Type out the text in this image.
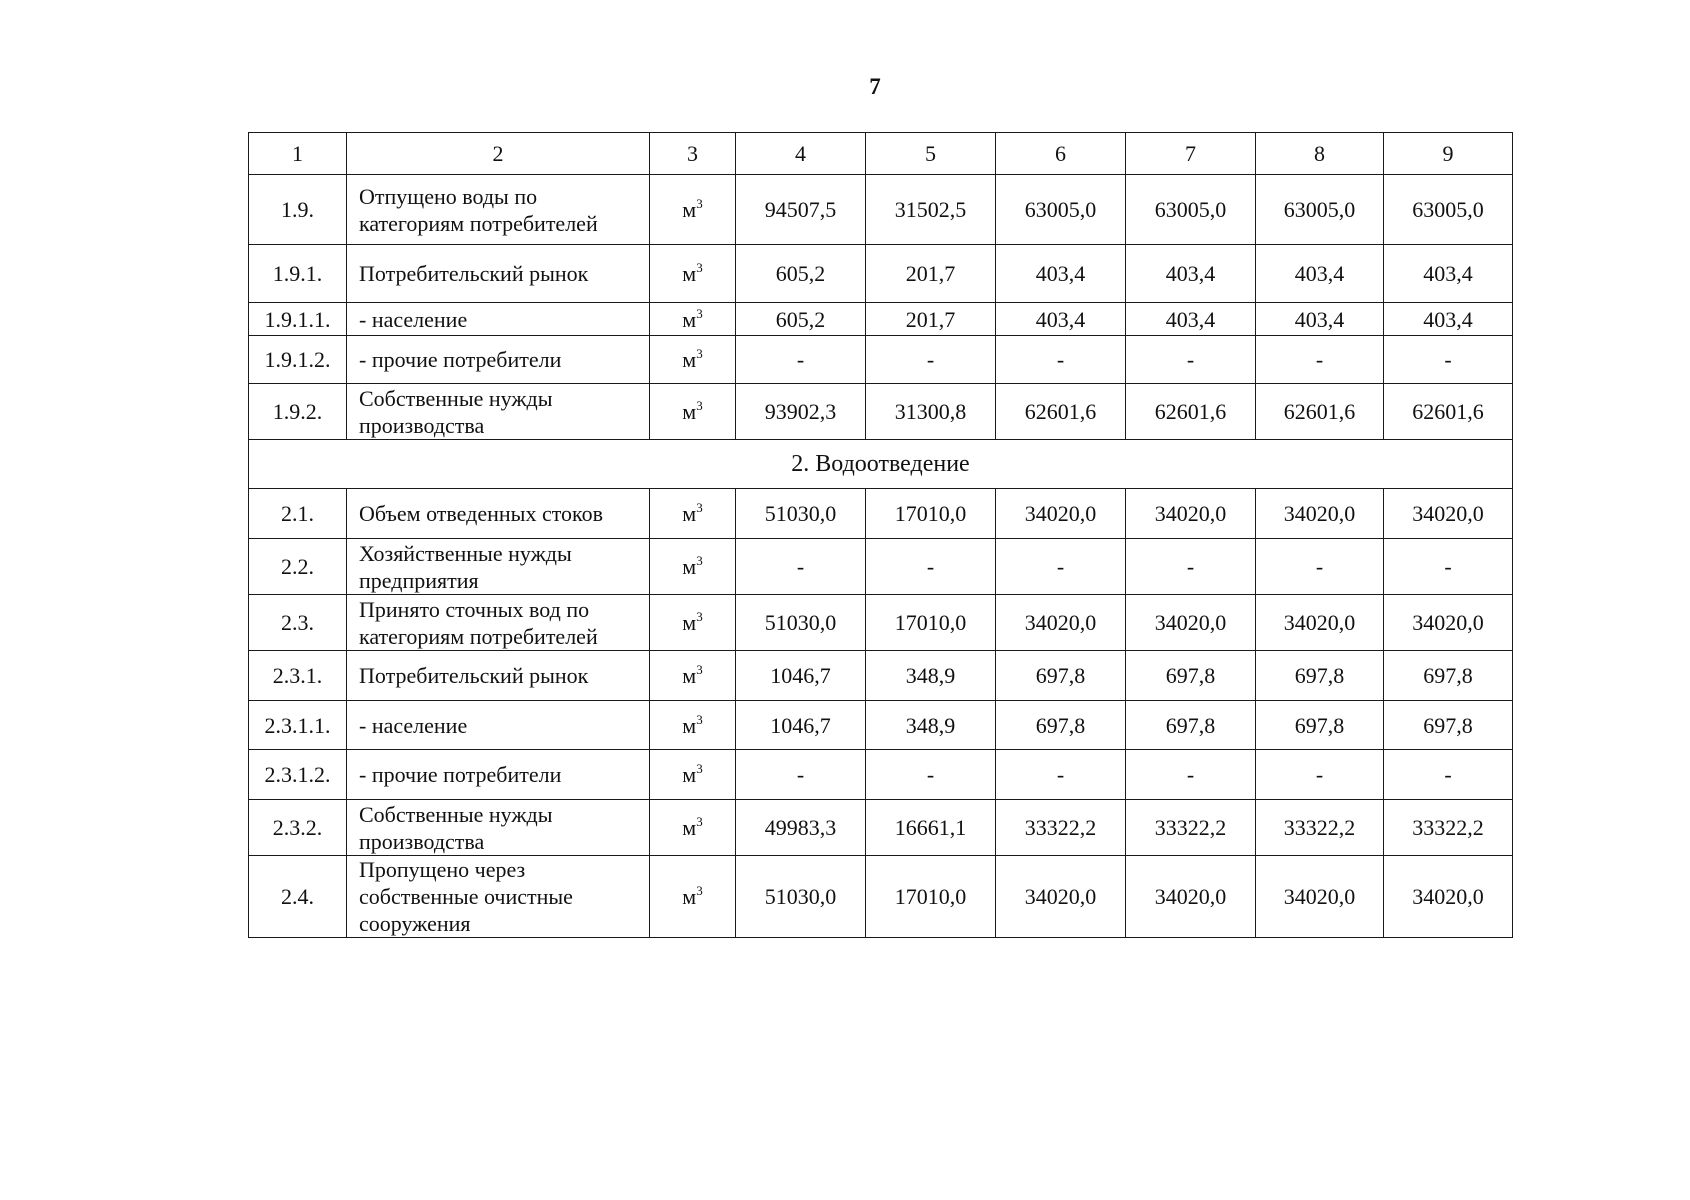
7
1	2	3	4	5	6	7	8	9
1.9.	Отпущено воды по категориям потребителей	$м^3$	94507,5	31502,5	63005,0	63005,0	63005,0	63005,0
1.9.1.	Потребительский рынок	$м^3$	605,2	201,7	403,4	403,4	403,4	403,4
1.9.1.1.	- население	$м^3$	605,2	201,7	403,4	403,4	403,4	403,4
1.9.1.2.	- прочие потребители	$м^3$	-	-	-	-	-	-
1.9.2.	Собственные нужды производства	$м^3$	93902,3	31300,8	62601,6	62601,6	62601,6	62601,6
2. Водоотведение								
2.1.	Объем отведенных стоков	$м^3$	51030,0	17010,0	34020,0	34020,0	34020,0	34020,0
2.2.	Хозяйственные нужды предприятия	$м^3$	-	-	-	-	-	-
2.3.	Принято сточных вод по категориям потребителей	$м^3$	51030,0	17010,0	34020,0	34020,0	34020,0	34020,0
2.3.1.	Потребительский рынок	$м^3$	1046,7	348,9	697,8	697,8	697,8	697,8
2.3.1.1.	- население	$м^3$	1046,7	348,9	697,8	697,8	697,8	697,8
2.3.1.2.	- прочие потребители	$м^3$	-	-	-	-	-	-
2.3.2.	Собственные нужды производства	$м^3$	49983,3	16661,1	33322,2	33322,2	33322,2	33322,2
2.4.	Пропущено через собственные очистные сооружения	$м^3$	51030,0	17010,0	34020,0	34020,0	34020,0	34020,0
